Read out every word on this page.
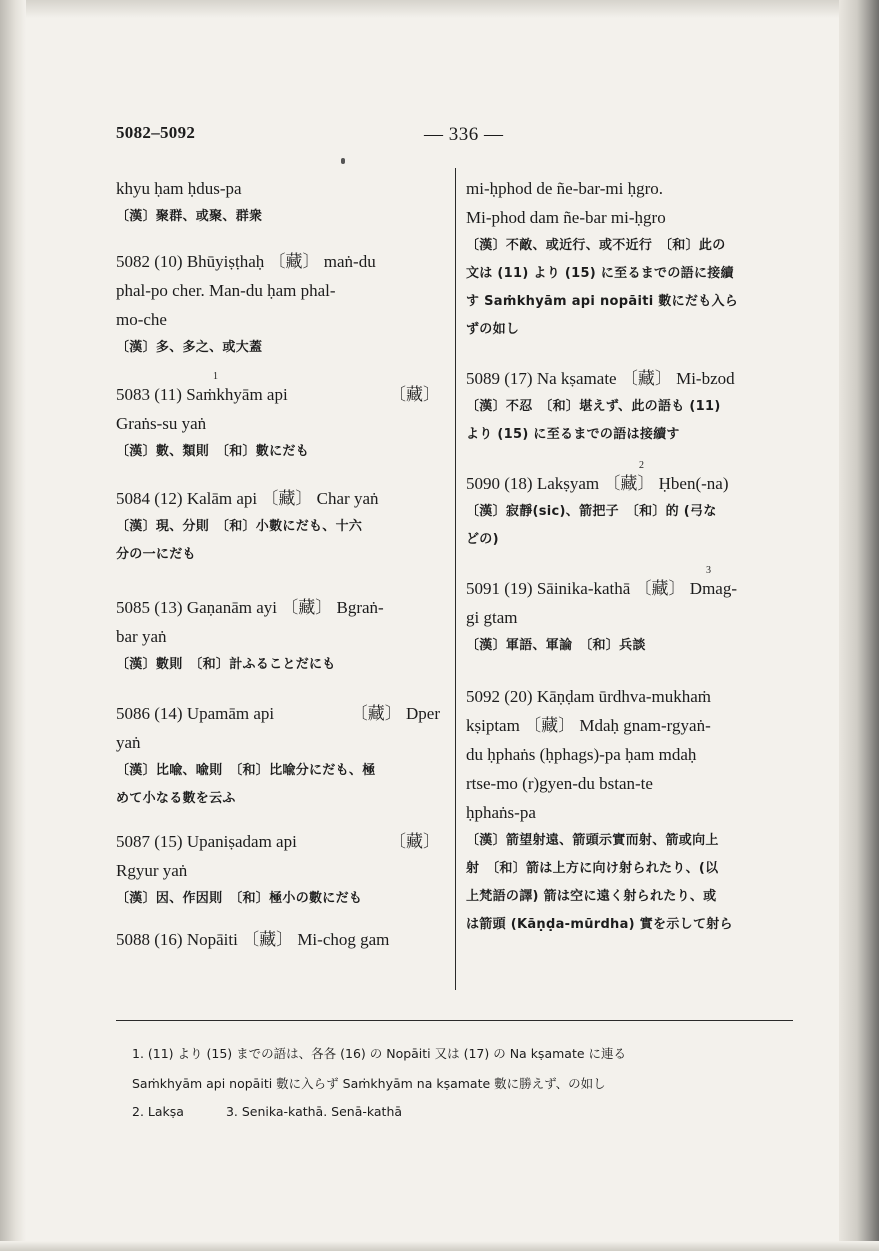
5082–5092	— 336 —
khyu ḥam ḥdus-pa
〔漢〕聚群、或聚、群衆
5082 (10) Bhūyiṣṭhaḥ 〔藏〕 maṅ-du
phal-po cher. Man-du ḥam phal-
mo-che
〔漢〕多、多之、或大蓋
1
5083 (11) Saṁkhyām api	〔藏〕
Graṅs-su yaṅ
〔漢〕數、類則　〔和〕數にだも
5084 (12) Kalām api 〔藏〕 Char yaṅ
〔漢〕現、分則　〔和〕小數にだも、十六
分の一にだも
5085 (13) Gaṇanām ayi 〔藏〕 Bgraṅ-
bar yaṅ
〔漢〕數則　〔和〕計ふることだにも
5086 (14) Upamām api	〔藏〕 Dper
yaṅ
〔漢〕比喩、喩則　〔和〕比喩分にだも、極
めて小なる數を云ふ
5087 (15) Upaniṣadam api	〔藏〕
Rgyur yaṅ
〔漢〕因、作因則　〔和〕極小の數にだも
5088 (16) Nopāiti 〔藏〕 Mi-chog gam
mi-ḥphod de ñe-bar-mi ḥgro.
Mi-phod dam ñe-bar mi-ḥgro
〔漢〕不敵、或近行、或不近行　〔和〕此の
文は (11) より (15) に至るまでの語に接續
す Saṁkhyām api nopāiti 數にだも入ら
ずの如し
5089 (17) Na kṣamate 〔藏〕 Mi-bzod
〔漢〕不忍　〔和〕堪えず、此の語も (11)
より (15) に至るまでの語は接續す
2
5090 (18) Lakṣyam 〔藏〕 Ḥben(-na)
〔漢〕寂靜(sic)、箭把子　〔和〕的 (弓な
どの)
3
5091 (19) Sāinika-kathā 〔藏〕 Dmag-
gi gtam
〔漢〕軍語、軍論　〔和〕兵談
5092 (20) Kāṇḍam ūrdhva-mukhaṁ
kṣiptam 〔藏〕 Mdaḥ gnam-rgyaṅ-
du ḥphaṅs (ḥphags)-pa ḥam mdaḥ
rtse-mo (r)gyen-du bstan-te
ḥphaṅs-pa
〔漢〕箭望射遠、箭頭示實而射、箭或向上
射　〔和〕箭は上方に向け射られたり、(以
上梵語の譯) 箭は空に遠く射られたり、或
は箭頭 (Kāṇḍa-mūrdha) 實を示して射ら
1. (11) より (15) までの語は、各各 (16) の Nopāiti 又は (17) の Na kṣamate に連る
Saṁkhyām api nopāiti 數に入らず Saṁkhyām na kṣamate 數に勝えず、の如し
2. Lakṣa	3. Senika-kathā. Senā-kathā
